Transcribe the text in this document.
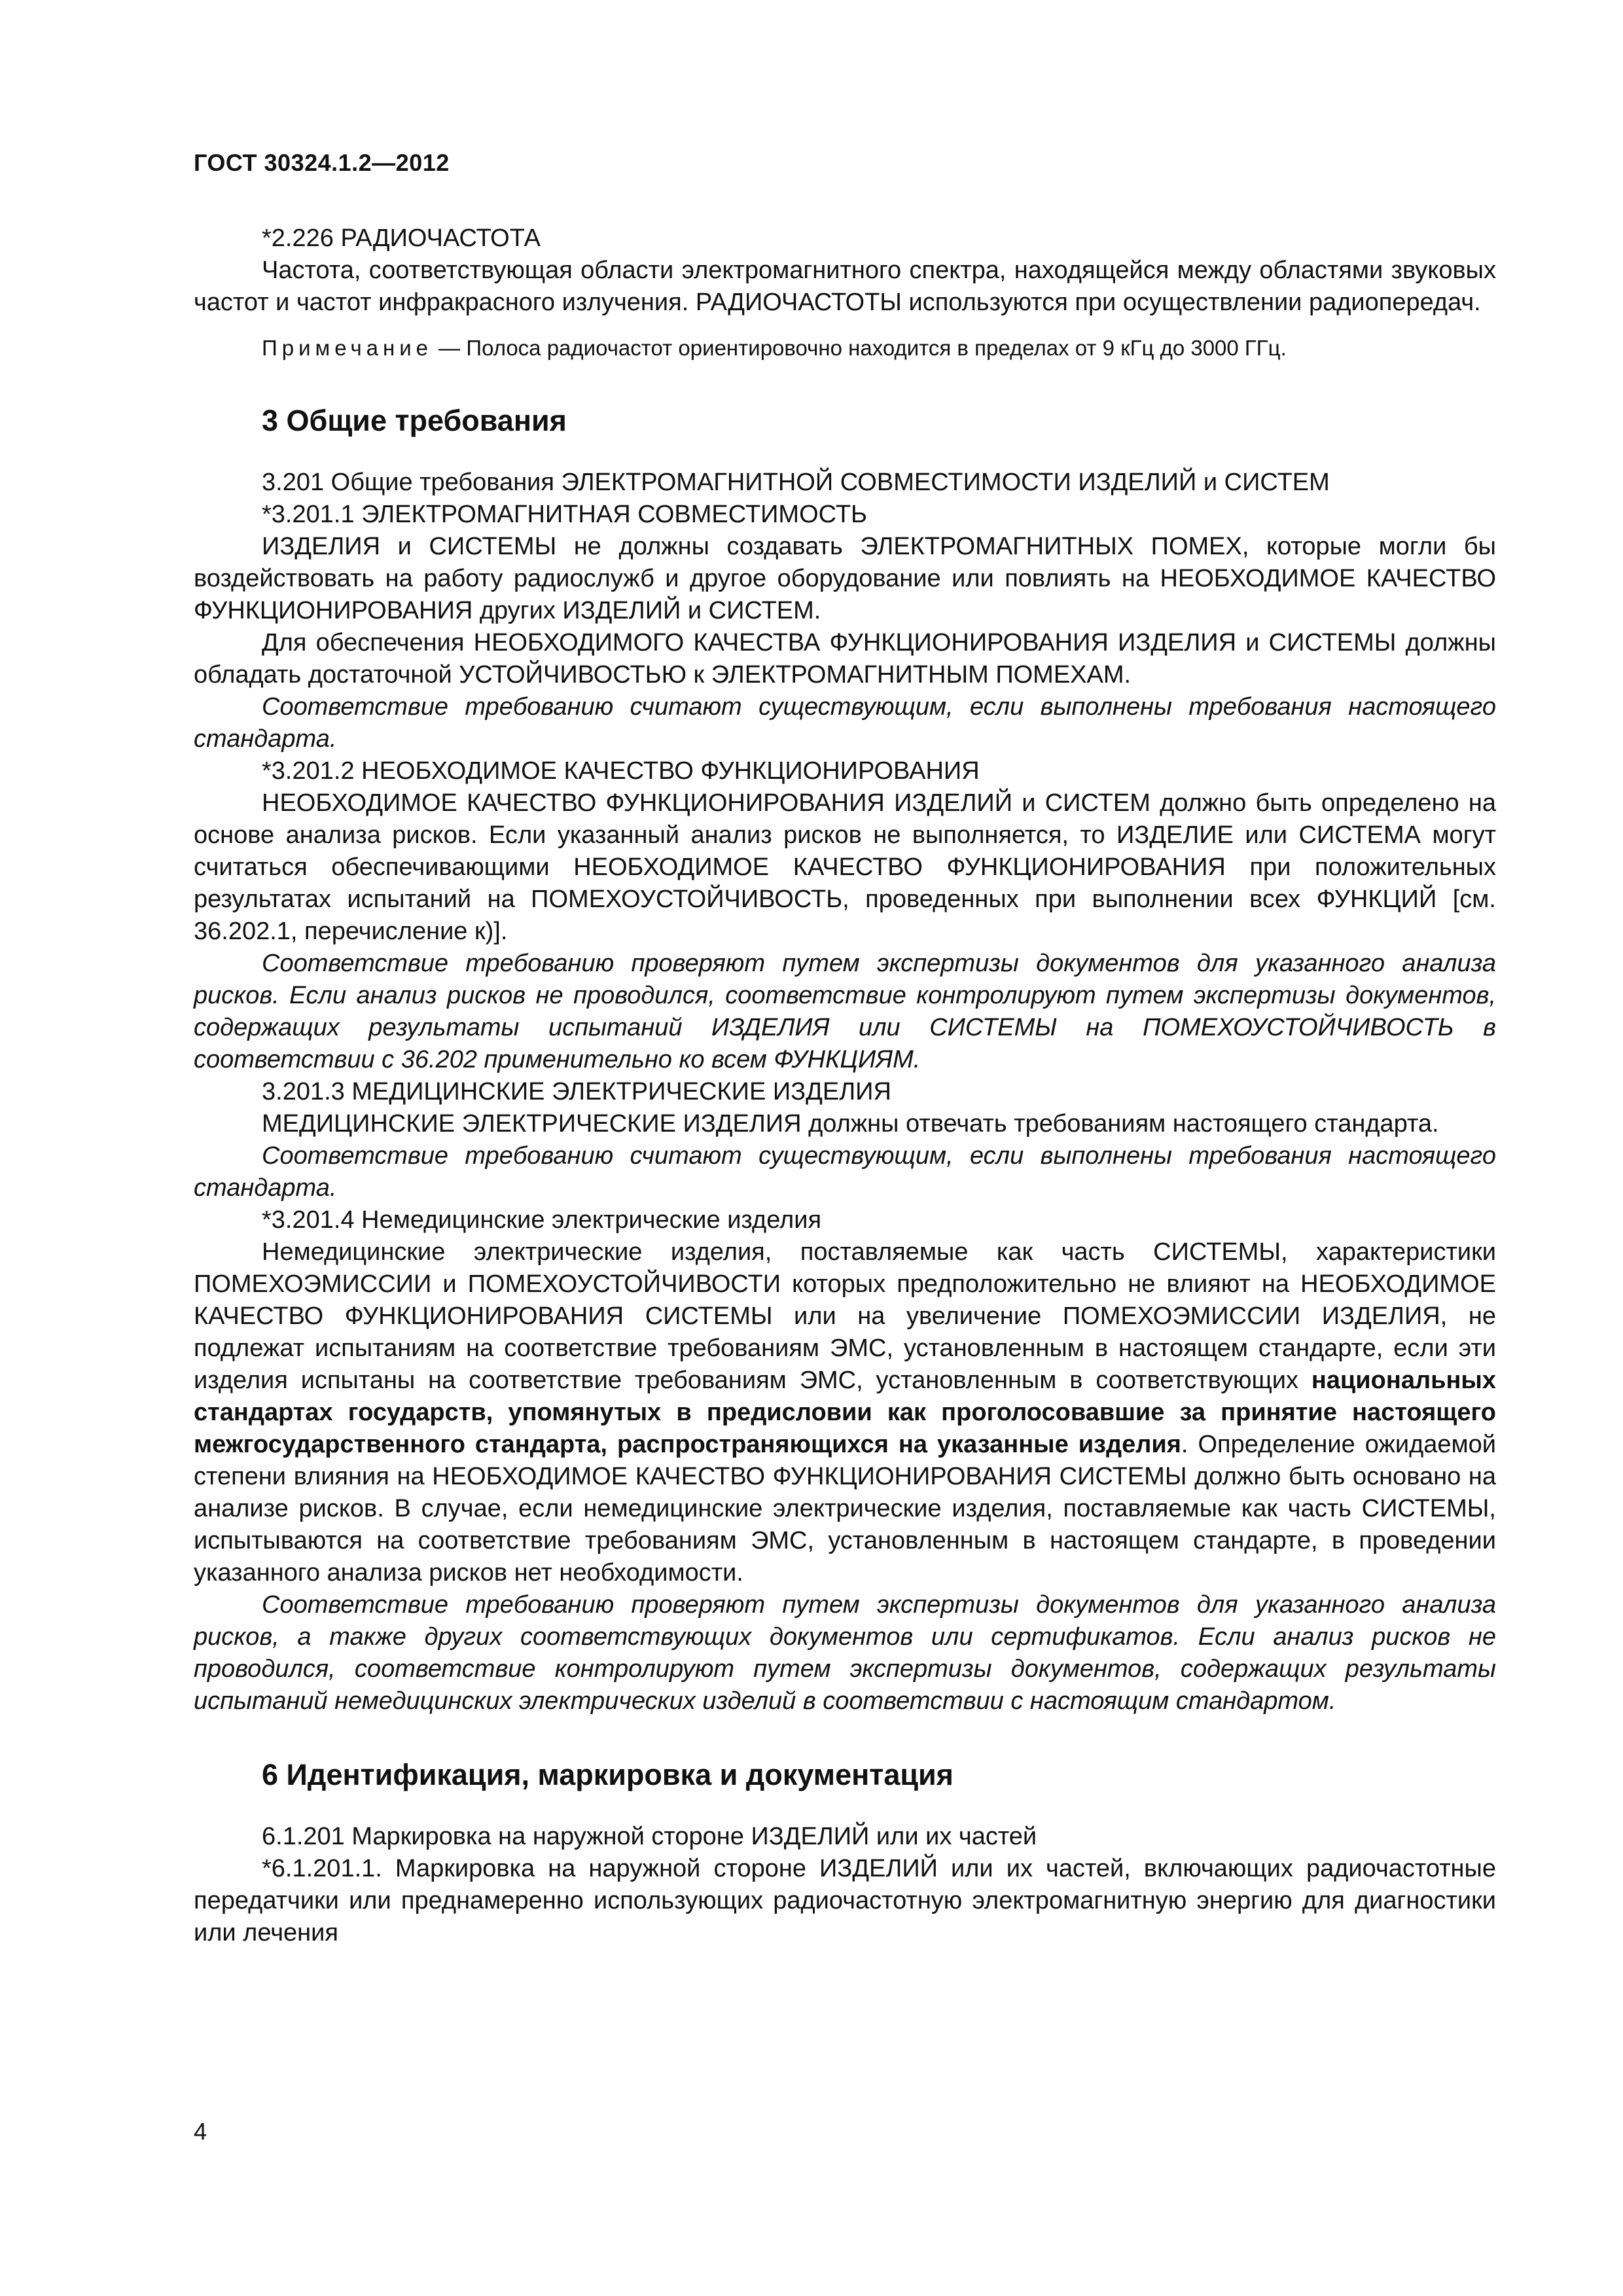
ГОСТ 30324.1.2—2012

*2.226 РАДИОЧАСТОТА

Частота, соответствующая области электромагнитного спектра, находящейся между областями звуковых частот и частот инфракрасного излучения. РАДИОЧАСТОТЫ используются при осуществлении радиопередач.

Примечание — Полоса радиочастот ориентировочно находится в пределах от 9 кГц до 3000 ГГц.

3 Общие требования

3.201 Общие требования ЭЛЕКТРОМАГНИТНОЙ СОВМЕСТИМОСТИ ИЗДЕЛИЙ и СИСТЕМ

*3.201.1 ЭЛЕКТРОМАГНИТНАЯ СОВМЕСТИМОСТЬ

ИЗДЕЛИЯ и СИСТЕМЫ не должны создавать ЭЛЕКТРОМАГНИТНЫХ ПОМЕХ, которые могли бы воздействовать на работу радиослужб и другое оборудование или повлиять на НЕОБХОДИМОЕ КАЧЕСТВО ФУНКЦИОНИРОВАНИЯ других ИЗДЕЛИЙ и СИСТЕМ.

Для обеспечения НЕОБХОДИМОГО КАЧЕСТВА ФУНКЦИОНИРОВАНИЯ ИЗДЕЛИЯ и СИСТЕМЫ должны обладать достаточной УСТОЙЧИВОСТЬЮ к ЭЛЕКТРОМАГНИТНЫМ ПОМЕХАМ.

Соответствие требованию считают существующим, если выполнены требования настоящего стандарта.

*3.201.2 НЕОБХОДИМОЕ КАЧЕСТВО ФУНКЦИОНИРОВАНИЯ

НЕОБХОДИМОЕ КАЧЕСТВО ФУНКЦИОНИРОВАНИЯ ИЗДЕЛИЙ и СИСТЕМ должно быть определено на основе анализа рисков. Если указанный анализ рисков не выполняется, то ИЗДЕЛИЕ или СИСТЕМА могут считаться обеспечивающими НЕОБХОДИМОЕ КАЧЕСТВО ФУНКЦИОНИРОВАНИЯ при положительных результатах испытаний на ПОМЕХОУСТОЙЧИВОСТЬ, проведенных при выполнении всех ФУНКЦИЙ [см. 36.202.1, перечисление к)].

Соответствие требованию проверяют путем экспертизы документов для указанного анализа рисков. Если анализ рисков не проводился, соответствие контролируют путем экспертизы документов, содержащих результаты испытаний ИЗДЕЛИЯ или СИСТЕМЫ на ПОМЕХОУСТОЙЧИВОСТЬ в соответствии с 36.202 применительно ко всем ФУНКЦИЯМ.

3.201.3 МЕДИЦИНСКИЕ ЭЛЕКТРИЧЕСКИЕ ИЗДЕЛИЯ

МЕДИЦИНСКИЕ ЭЛЕКТРИЧЕСКИЕ ИЗДЕЛИЯ должны отвечать требованиям настоящего стандарта.

Соответствие требованию считают существующим, если выполнены требования настоящего стандарта.

*3.201.4 Немедицинские электрические изделия

Немедицинские электрические изделия, поставляемые как часть СИСТЕМЫ, характеристики ПОМЕХОЭМИССИИ и ПОМЕХОУСТОЙЧИВОСТИ которых предположительно не влияют на НЕОБХОДИМОЕ КАЧЕСТВО ФУНКЦИОНИРОВАНИЯ СИСТЕМЫ или на увеличение ПОМЕХОЭМИССИИ ИЗДЕЛИЯ, не подлежат испытаниям на соответствие требованиям ЭМС, установленным в настоящем стандарте, если эти изделия испытаны на соответствие требованиям ЭМС, установленным в соответствующих национальных стандартах государств, упомянутых в предисловии как проголосовавшие за принятие настоящего межгосударственного стандарта, распространяющихся на указанные изделия. Определение ожидаемой степени влияния на НЕОБХОДИМОЕ КАЧЕСТВО ФУНКЦИОНИРОВАНИЯ СИСТЕМЫ должно быть основано на анализе рисков. В случае, если немедицинские электрические изделия, поставляемые как часть СИСТЕМЫ, испытываются на соответствие требованиям ЭМС, установленным в настоящем стандарте, в проведении указанного анализа рисков нет необходимости.

Соответствие требованию проверяют путем экспертизы документов для указанного анализа рисков, а также других соответствующих документов или сертификатов. Если анализ рисков не проводился, соответствие контролируют путем экспертизы документов, содержащих результаты испытаний немедицинских электрических изделий в соответствии с настоящим стандартом.

6 Идентификация, маркировка и документация

6.1.201 Маркировка на наружной стороне ИЗДЕЛИЙ или их частей

*6.1.201.1. Маркировка на наружной стороне ИЗДЕЛИЙ или их частей, включающих радиочастотные передатчики или преднамеренно использующих радиочастотную электромагнитную энергию для диагностики или лечения

4
